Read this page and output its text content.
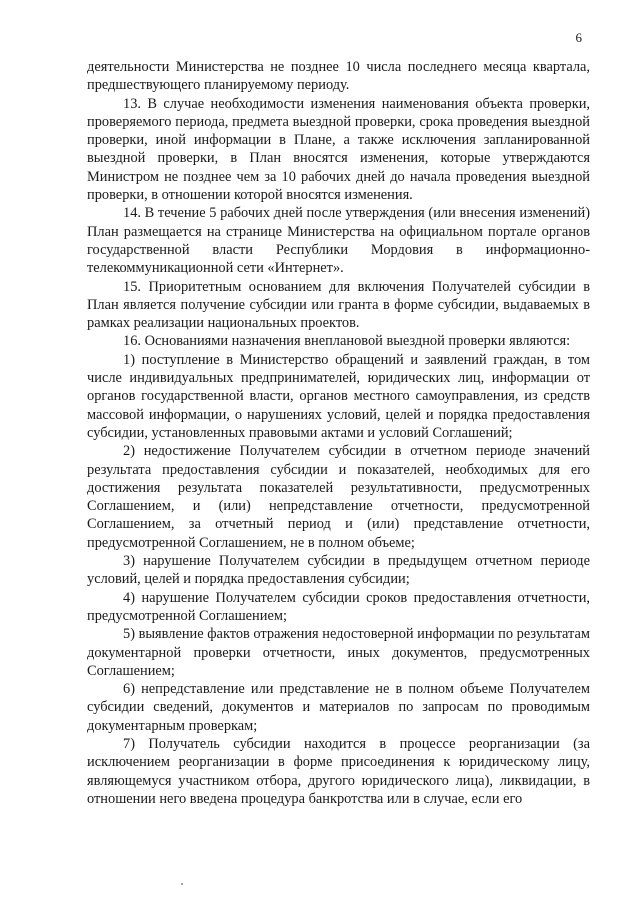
6

деятельности Министерства не позднее 10 числа последнего месяца квартала, предшествующего планируемому периоду.

13. В случае необходимости изменения наименования объекта проверки, проверяемого периода, предмета выездной проверки, срока проведения выездной проверки, иной информации в Плане, а также исключения запланированной выездной проверки, в План вносятся изменения, которые утверждаются Министром не позднее чем за 10 рабочих дней до начала проведения выездной проверки, в отношении которой вносятся изменения.

14. В течение 5 рабочих дней после утверждения (или внесения изменений) План размещается на странице Министерства на официальном портале органов государственной власти Республики Мордовия в информационно-телекоммуникационной сети «Интернет».

15. Приоритетным основанием для включения Получателей субсидии в План является получение субсидии или гранта в форме субсидии, выдаваемых в рамках реализации национальных проектов.

16. Основаниями назначения внеплановой выездной проверки являются:

1) поступление в Министерство обращений и заявлений граждан, в том числе индивидуальных предпринимателей, юридических лиц, информации от органов государственной власти, органов местного самоуправления, из средств массовой информации, о нарушениях условий, целей и порядка предоставления субсидии, установленных правовыми актами и условий Соглашений;

2) недостижение Получателем субсидии в отчетном периоде значений результата предоставления субсидии и показателей, необходимых для его достижения результата показателей результативности, предусмотренных Соглашением, и (или) непредставление отчетности, предусмотренной Соглашением, за отчетный период и (или) представление отчетности, предусмотренной Соглашением, не в полном объеме;

3) нарушение Получателем субсидии в предыдущем отчетном периоде условий, целей и порядка предоставления субсидии;

4) нарушение Получателем субсидии сроков предоставления отчетности, предусмотренной Соглашением;

5) выявление фактов отражения недостоверной информации по результатам документарной проверки отчетности, иных документов, предусмотренных Соглашением;

6) непредставление или представление не в полном объеме Получателем субсидии сведений, документов и материалов по запросам по проводимым документарным проверкам;

7) Получатель субсидии находится в процессе реорганизации (за исключением реорганизации в форме присоединения к юридическому лицу, являющемуся участником отбора, другого юридического лица), ликвидации, в отношении него введена процедура банкротства или в случае, если его
